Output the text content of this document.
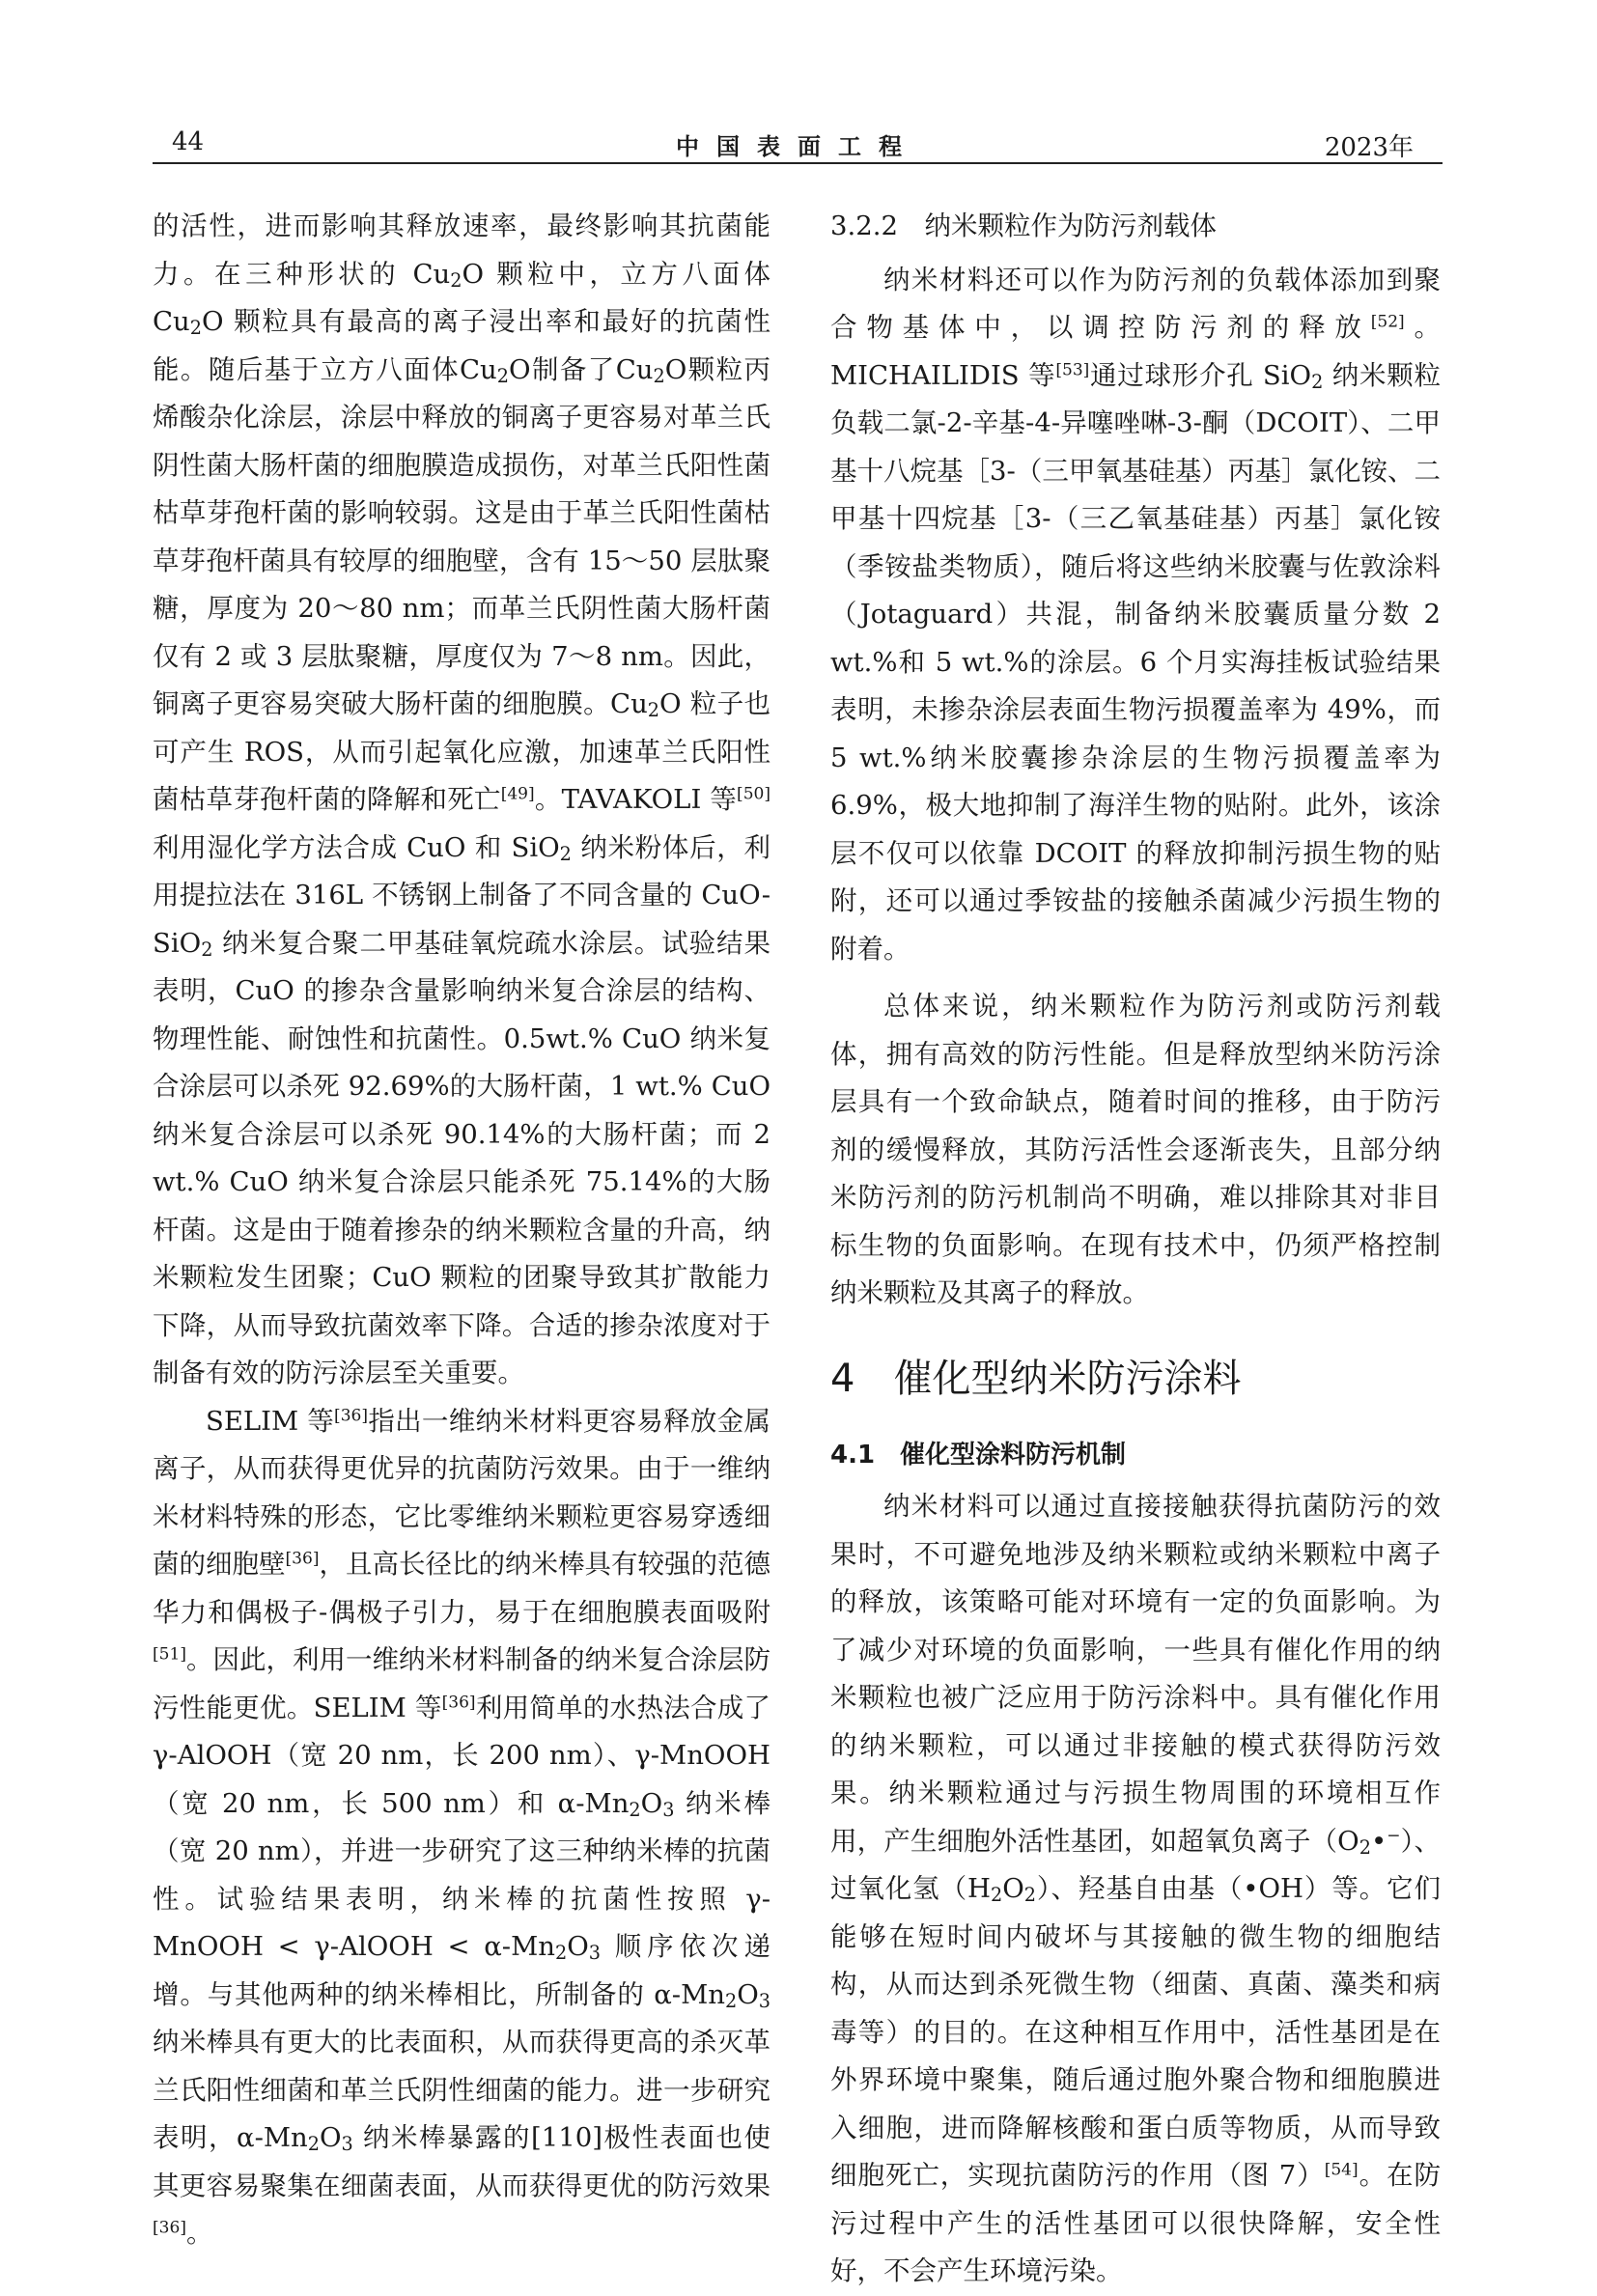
44	中国表面工程	2023年

的活性，进而影响其释放速率，最终影响其抗菌能力。在三种形状的 $Cu_2O$ 颗粒中，立方八面体 $Cu_2O$ 颗粒具有最高的离子浸出率和最好的抗菌性能。随后基于立方八面体$Cu_2O$制备了$Cu_2O$颗粒丙烯酸杂化涂层，涂层中释放的铜离子更容易对革兰氏阴性菌大肠杆菌的细胞膜造成损伤，对革兰氏阳性菌枯草芽孢杆菌的影响较弱。这是由于革兰氏阳性菌枯草芽孢杆菌具有较厚的细胞壁，含有 15～50 层肽聚糖，厚度为 20～80 nm；而革兰氏阴性菌大肠杆菌仅有 2 或 3 层肽聚糖，厚度仅为 7～8 nm。因此，铜离子更容易突破大肠杆菌的细胞膜。$Cu_2O$ 粒子也可产生 ROS，从而引起氧化应激，加速革兰氏阳性菌枯草芽孢杆菌的降解和死亡[49]。TAVAKOLI 等[50]利用湿化学方法合成 CuO 和 SiO$_2$ 纳米粉体后，利用提拉法在 316L 不锈钢上制备了不同含量的 CuO-SiO$_2$ 纳米复合聚二甲基硅氧烷疏水涂层。试验结果表明，CuO 的掺杂含量影响纳米复合涂层的结构、物理性能、耐蚀性和抗菌性。0.5wt.% CuO 纳米复合涂层可以杀死 92.69%的大肠杆菌，1 wt.% CuO 纳米复合涂层可以杀死 90.14%的大肠杆菌；而 2 wt.% CuO 纳米复合涂层只能杀死 75.14%的大肠杆菌。这是由于随着掺杂的纳米颗粒含量的升高，纳米颗粒发生团聚；CuO 颗粒的团聚导致其扩散能力下降，从而导致抗菌效率下降。合适的掺杂浓度对于制备有效的防污涂层至关重要。

SELIM 等[36]指出一维纳米材料更容易释放金属离子，从而获得更优异的抗菌防污效果。由于一维纳米材料特殊的形态，它比零维纳米颗粒更容易穿透细菌的细胞壁[36]，且高长径比的纳米棒具有较强的范德华力和偶极子-偶极子引力，易于在细胞膜表面吸附[51]。因此，利用一维纳米材料制备的纳米复合涂层防污性能更优。SELIM 等[36]利用简单的水热法合成了 γ-AlOOH（宽 20 nm，长 200 nm）、γ-MnOOH（宽 20 nm，长 500 nm）和 $\alpha-Mn_2O_3$ 纳米棒（宽 20 nm），并进一步研究了这三种纳米棒的抗菌性。试验结果表明，纳米棒的抗菌性按照 γ-MnOOH < γ-AlOOH < $\alpha-Mn_2O_3$ 顺序依次递增。与其他两种的纳米棒相比，所制备的 $\alpha-Mn_2O_3$ 纳米棒具有更大的比表面积，从而获得更高的杀灭革兰氏阳性细菌和革兰氏阴性细菌的能力。进一步研究表明，$\alpha-Mn_2O_3$ 纳米棒暴露的[110]极性表面也使其更容易聚集在细菌表面，从而获得更优的防污效果[36]。

3.2.2　纳米颗粒作为防污剂载体

纳米材料还可以作为防污剂的负载体添加到聚合物基体中，以调控防污剂的释放[52]。MICHAILIDIS 等[53]通过球形介孔 SiO$_2$ 纳米颗粒负载二氯-2-辛基-4-异噻唑啉-3-酮（DCOIT）、二甲基十八烷基［3-（三甲氧基硅基）丙基］氯化铵、二甲基十四烷基［3-（三乙氧基硅基）丙基］氯化铵（季铵盐类物质），随后将这些纳米胶囊与佐敦涂料（Jotaguard）共混，制备纳米胶囊质量分数 2 wt.%和 5 wt.%的涂层。6 个月实海挂板试验结果表明，未掺杂涂层表面生物污损覆盖率为 49%，而 5 wt.%纳米胶囊掺杂涂层的生物污损覆盖率为 6.9%，极大地抑制了海洋生物的贴附。此外，该涂层不仅可以依靠 DCOIT 的释放抑制污损生物的贴附，还可以通过季铵盐的接触杀菌减少污损生物的附着。

总体来说，纳米颗粒作为防污剂或防污剂载体，拥有高效的防污性能。但是释放型纳米防污涂层具有一个致命缺点，随着时间的推移，由于防污剂的缓慢释放，其防污活性会逐渐丧失，且部分纳米防污剂的防污机制尚不明确，难以排除其对非目标生物的负面影响。在现有技术中，仍须严格控制纳米颗粒及其离子的释放。

4　催化型纳米防污涂料

4.1　催化型涂料防污机制

纳米材料可以通过直接接触获得抗菌防污的效果时，不可避免地涉及纳米颗粒或纳米颗粒中离子的释放，该策略可能对环境有一定的负面影响。为了减少对环境的负面影响，一些具有催化作用的纳米颗粒也被广泛应用于防污涂料中。具有催化作用的纳米颗粒，可以通过非接触的模式获得防污效果。纳米颗粒通过与污损生物周围的环境相互作用，产生细胞外活性基团，如超氧负离子$(O_2•^-)$、过氧化氢$(H_2O_2)$、羟基自由基（•OH）等。它们能够在短时间内破坏与其接触的微生物的细胞结构，从而达到杀死微生物（细菌、真菌、藻类和病毒等）的目的。在这种相互作用中，活性基团是在外界环境中聚集，随后通过胞外聚合物和细胞膜进入细胞，进而降解核酸和蛋白质等物质，从而导致细胞死亡，实现抗菌防污的作用（图 7）[54]。在防污过程中产生的活性基团可以很快降解，安全性好，不会产生环境污染。
